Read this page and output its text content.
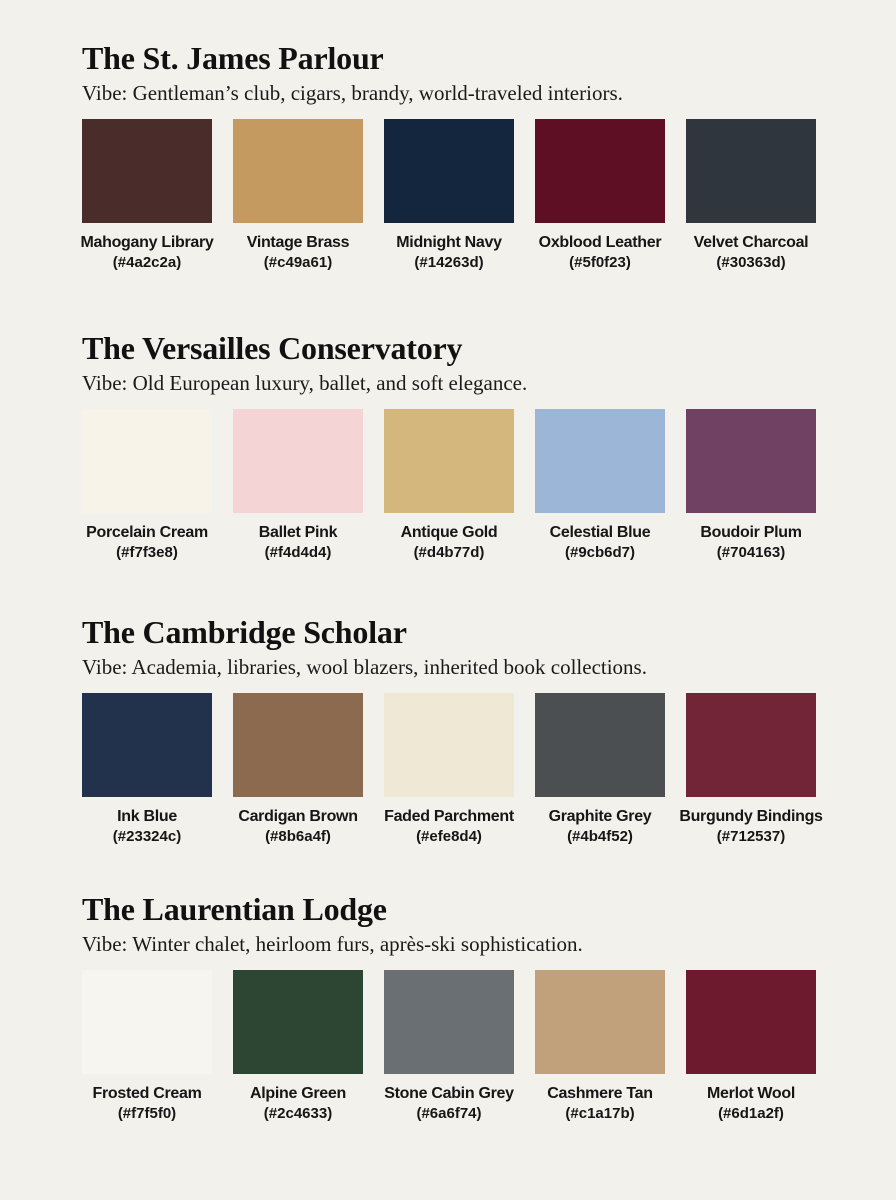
The St. James Parlour

Vibe: Gentleman’s club, cigars, brandy, world-traveled interiors.

Mahogany Library
(#4a2c2a)
Vintage Brass
(#c49a61)
Midnight Navy
(#14263d)
Oxblood Leather
(#5f0f23)
Velvet Charcoal
(#30363d)
The Versailles Conservatory

Vibe: Old European luxury, ballet, and soft elegance.

Porcelain Cream
(#f7f3e8)
Ballet Pink
(#f4d4d4)
Antique Gold
(#d4b77d)
Celestial Blue
(#9cb6d7)
Boudoir Plum
(#704163)
The Cambridge Scholar

Vibe: Academia, libraries, wool blazers, inherited book collections.

Ink Blue
(#23324c)
Cardigan Brown
(#8b6a4f)
Faded Parchment
(#efe8d4)
Graphite Grey
(#4b4f52)
Burgundy Bindings
(#712537)
The Laurentian Lodge

Vibe: Winter chalet, heirloom furs, après-ski sophistication.

Frosted Cream
(#f7f5f0)
Alpine Green
(#2c4633)
Stone Cabin Grey
(#6a6f74)
Cashmere Tan
(#c1a17b)
Merlot Wool
(#6d1a2f)
